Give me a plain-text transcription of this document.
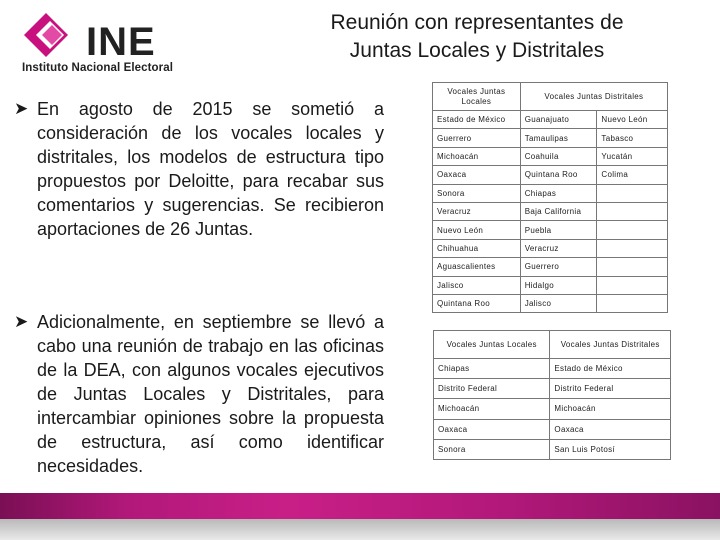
INE
Instituto Nacional Electoral
Reunión con representantes de
Juntas Locales y Distritales
➤ En agosto de 2015 se sometió a consideración de los vocales locales y distritales, los modelos de estructura tipo propuestos por Deloitte, para recabar sus comentarios y sugerencias. Se recibieron aportaciones de 26 Juntas.
➤ Adicionalmente, en septiembre se llevó a cabo una reunión de trabajo en las oficinas de la DEA, con algunos vocales ejecutivos de Juntas Locales y Distritales, para intercambiar opiniones sobre la propuesta de estructura, así como identificar necesidades.
Vocales Juntas Locales	Vocales Juntas Distritales	
Estado de México	Guanajuato	Nuevo León
Guerrero	Tamaulipas	Tabasco
Michoacán	Coahuila	Yucatán
Oaxaca	Quintana Roo	Colima
Sonora	Chiapas	
Veracruz	Baja California	
Nuevo León	Puebla	
Chihuahua	Veracruz	
Aguascalientes	Guerrero	
Jalisco	Hidalgo	
Quintana Roo	Jalisco	
Vocales Juntas Locales	Vocales Juntas Distritales
Chiapas	Estado de México
Distrito Federal	Distrito Federal
Michoacán	Michoacán
Oaxaca	Oaxaca
Sonora	San Luis Potosí
